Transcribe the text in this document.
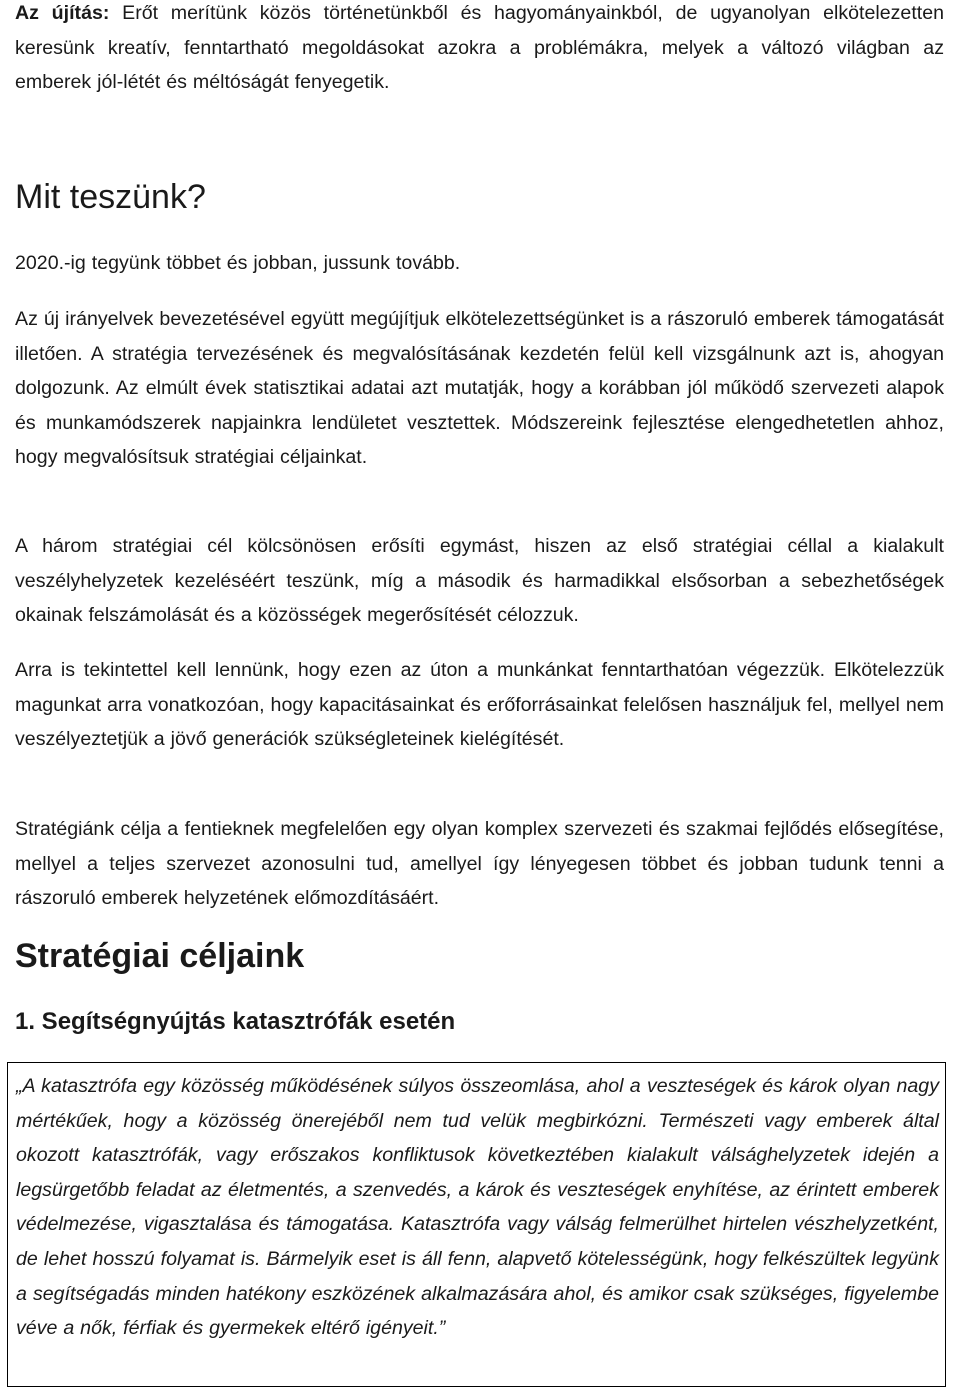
Az újítás: Erőt merítünk közös történetünkből és hagyományainkból, de ugyanolyan elkötelezetten keresünk kreatív, fenntartható megoldásokat azokra a problémákra, melyek a változó világban az emberek jól-létét és méltóságát fenyegetik.

Mit teszünk?

2020.-ig tegyünk többet és jobban, jussunk tovább.

Az új irányelvek bevezetésével együtt megújítjuk elkötelezettségünket is a rászoruló emberek támogatását illetően. A stratégia tervezésének és megvalósításának kezdetén felül kell vizsgálnunk azt is, ahogyan dolgozunk. Az elmúlt évek statisztikai adatai azt mutatják, hogy a korábban jól működő szervezeti alapok és munkamódszerek napjainkra lendületet vesztettek. Módszereink fejlesztése elengedhetetlen ahhoz, hogy megvalósítsuk stratégiai céljainkat.

A három stratégiai cél kölcsönösen erősíti egymást, hiszen az első stratégiai céllal a kialakult veszélyhelyzetek kezeléséért teszünk, míg a második és harmadikkal elsősorban a sebezhetőségek okainak felszámolását és a közösségek megerősítését célozzuk.

Arra is tekintettel kell lennünk, hogy ezen az úton a munkánkat fenntarthatóan végezzük. Elkötelezzük magunkat arra vonatkozóan, hogy kapacitásainkat és erőforrásainkat felelősen használjuk fel, mellyel nem veszélyeztetjük a jövő generációk szükségleteinek kielégítését.

Stratégiánk célja a fentieknek megfelelően egy olyan komplex szervezeti és szakmai fejlődés elősegítése, mellyel a teljes szervezet azonosulni tud, amellyel így lényegesen többet és jobban tudunk tenni a rászoruló emberek helyzetének előmozdításáért.

Stratégiai céljaink
1. Segítségnyújtás katasztrófák esetén

„A katasztrófa egy közösség működésének súlyos összeomlása, ahol a veszteségek és károk olyan nagy mértékűek, hogy a közösség önerejéből nem tud velük megbirkózni. Természeti vagy emberek által okozott katasztrófák, vagy erőszakos konfliktusok következtében kialakult válsághelyzetek idején a legsürgetőbb feladat az életmentés, a szenvedés, a károk és veszteségek enyhítése, az érintett emberek védelmezése, vigasztalása és támogatása. Katasztrófa vagy válság felmerülhet hirtelen vészhelyzetként, de lehet hosszú folyamat is. Bármelyik eset is áll fenn, alapvető kötelességünk, hogy felkészültek legyünk a segítségadás minden hatékony eszközének alkalmazására ahol, és amikor csak szükséges, figyelembe véve a nők, férfiak és gyermekek eltérő igényeit.”
